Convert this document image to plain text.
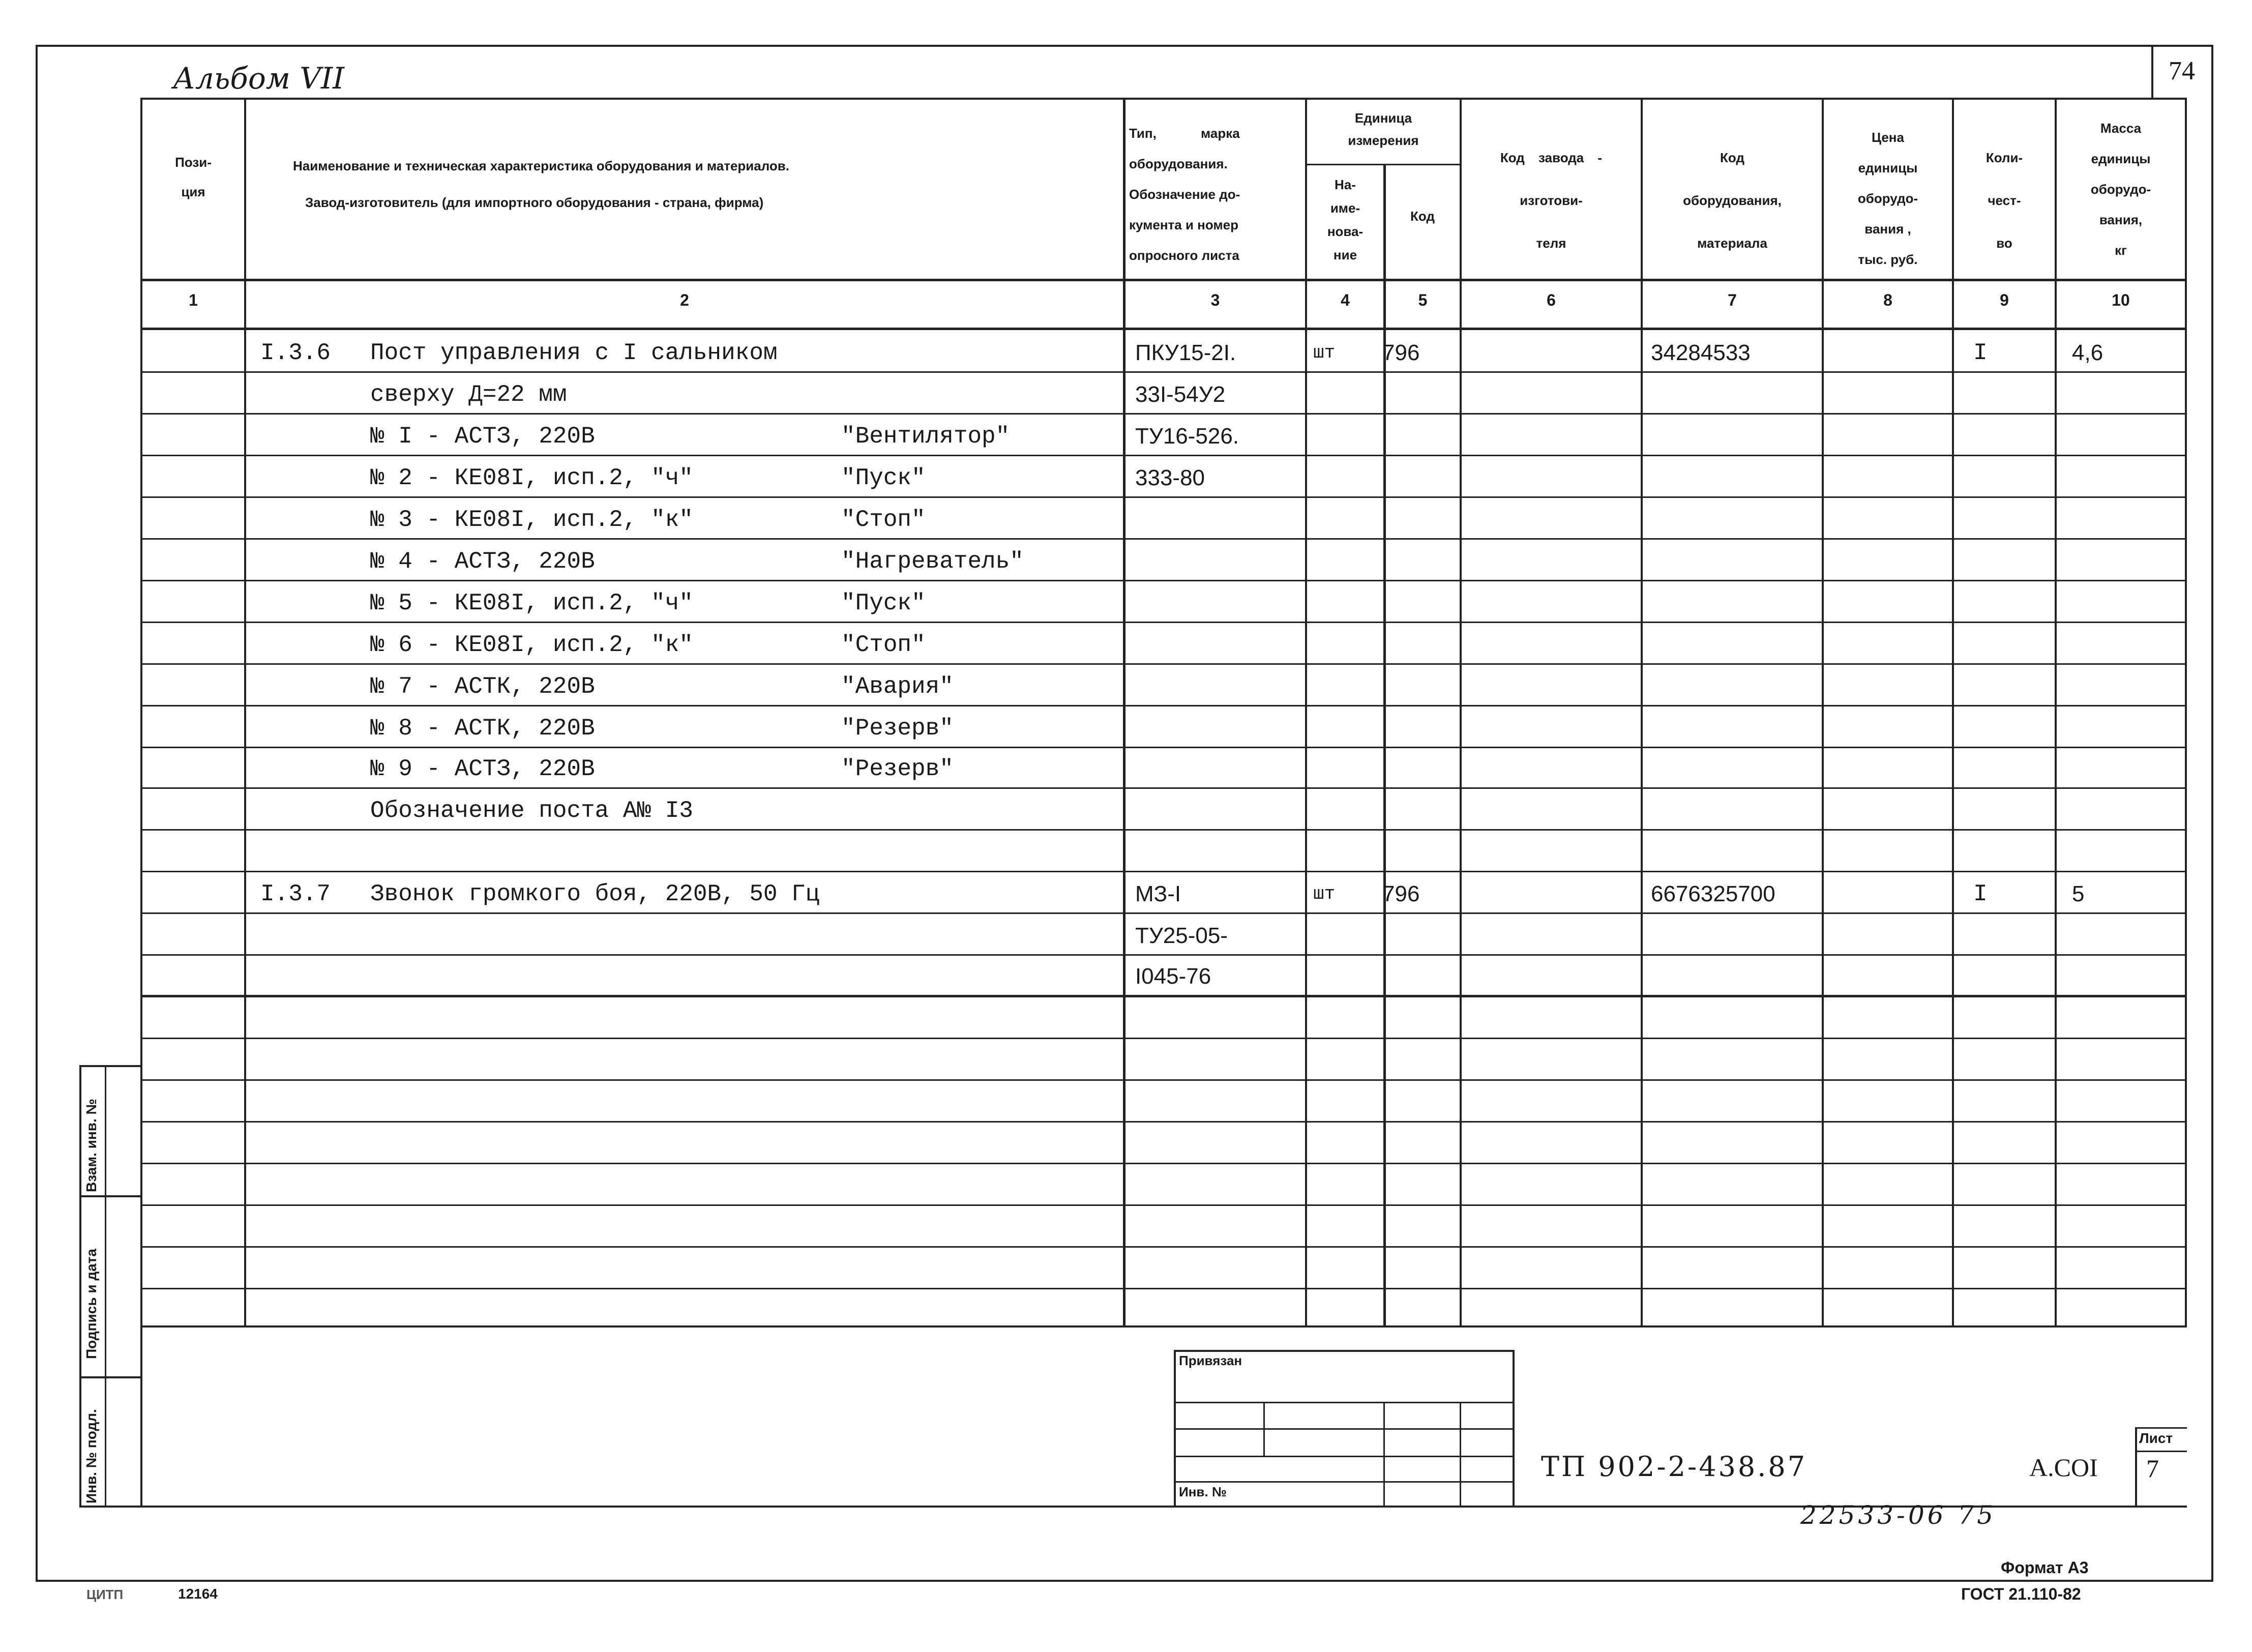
Альбом VII	74
Пози-
ция
Наименование и техническая характеристика оборудования и материалов.
Завод-изготовитель (для импортного оборудования - страна, фирма)
Тип, марка
оборудования.
Обозначение до-
кумента и номер
опросного листа
Единица
измерения
На-
име-
нова-
ние
Код
Код завода -
изготови-
теля
Код
оборудования,
материала
Цена
единицы
оборудо-
вания ,
тыс. руб.
Коли-
чест-
во
Масса
единицы
оборудо-
вания,
кг
1	2	3	4	5	6	7	8	9	10
I.3.6 Пост управления с I сальником	ПКУ15-2I.	шт 796	34284533	I	4,6
сверху Д=22 мм	33I-54У2
№ I - АСТЗ, 220В	"Вентилятор"	ТУ16-526.
№ 2 - КЕ08I, исп.2, "ч"	"Пуск"	333-80
№ 3 - КЕ08I, исп.2, "к"	"Стоп"
№ 4 - АСТЗ, 220В	"Нагреватель"
№ 5 - КЕ08I, исп.2, "ч"	"Пуск"
№ 6 - КЕ08I, исп.2, "к"	"Стоп"
№ 7 - АСТК, 220В	"Авария"
№ 8 - АСТК, 220В	"Резерв"
№ 9 - АСТЗ, 220В	"Резерв"
Обозначение поста А№ I3
I.3.7 Звонок громкого боя, 220В, 50 Гц	МЗ-I	шт 796	6676325700	I	5
ТУ25-05-
I045-76
Взам. инв. №
Подпись и дата
Инв. № подл.
Привязан
Инв. №
ТП 902-2-438.87	А.COI
Лист
7
22533-06 75
ЦИТП	12164
Формат А3
ГОСТ 21.110-82
